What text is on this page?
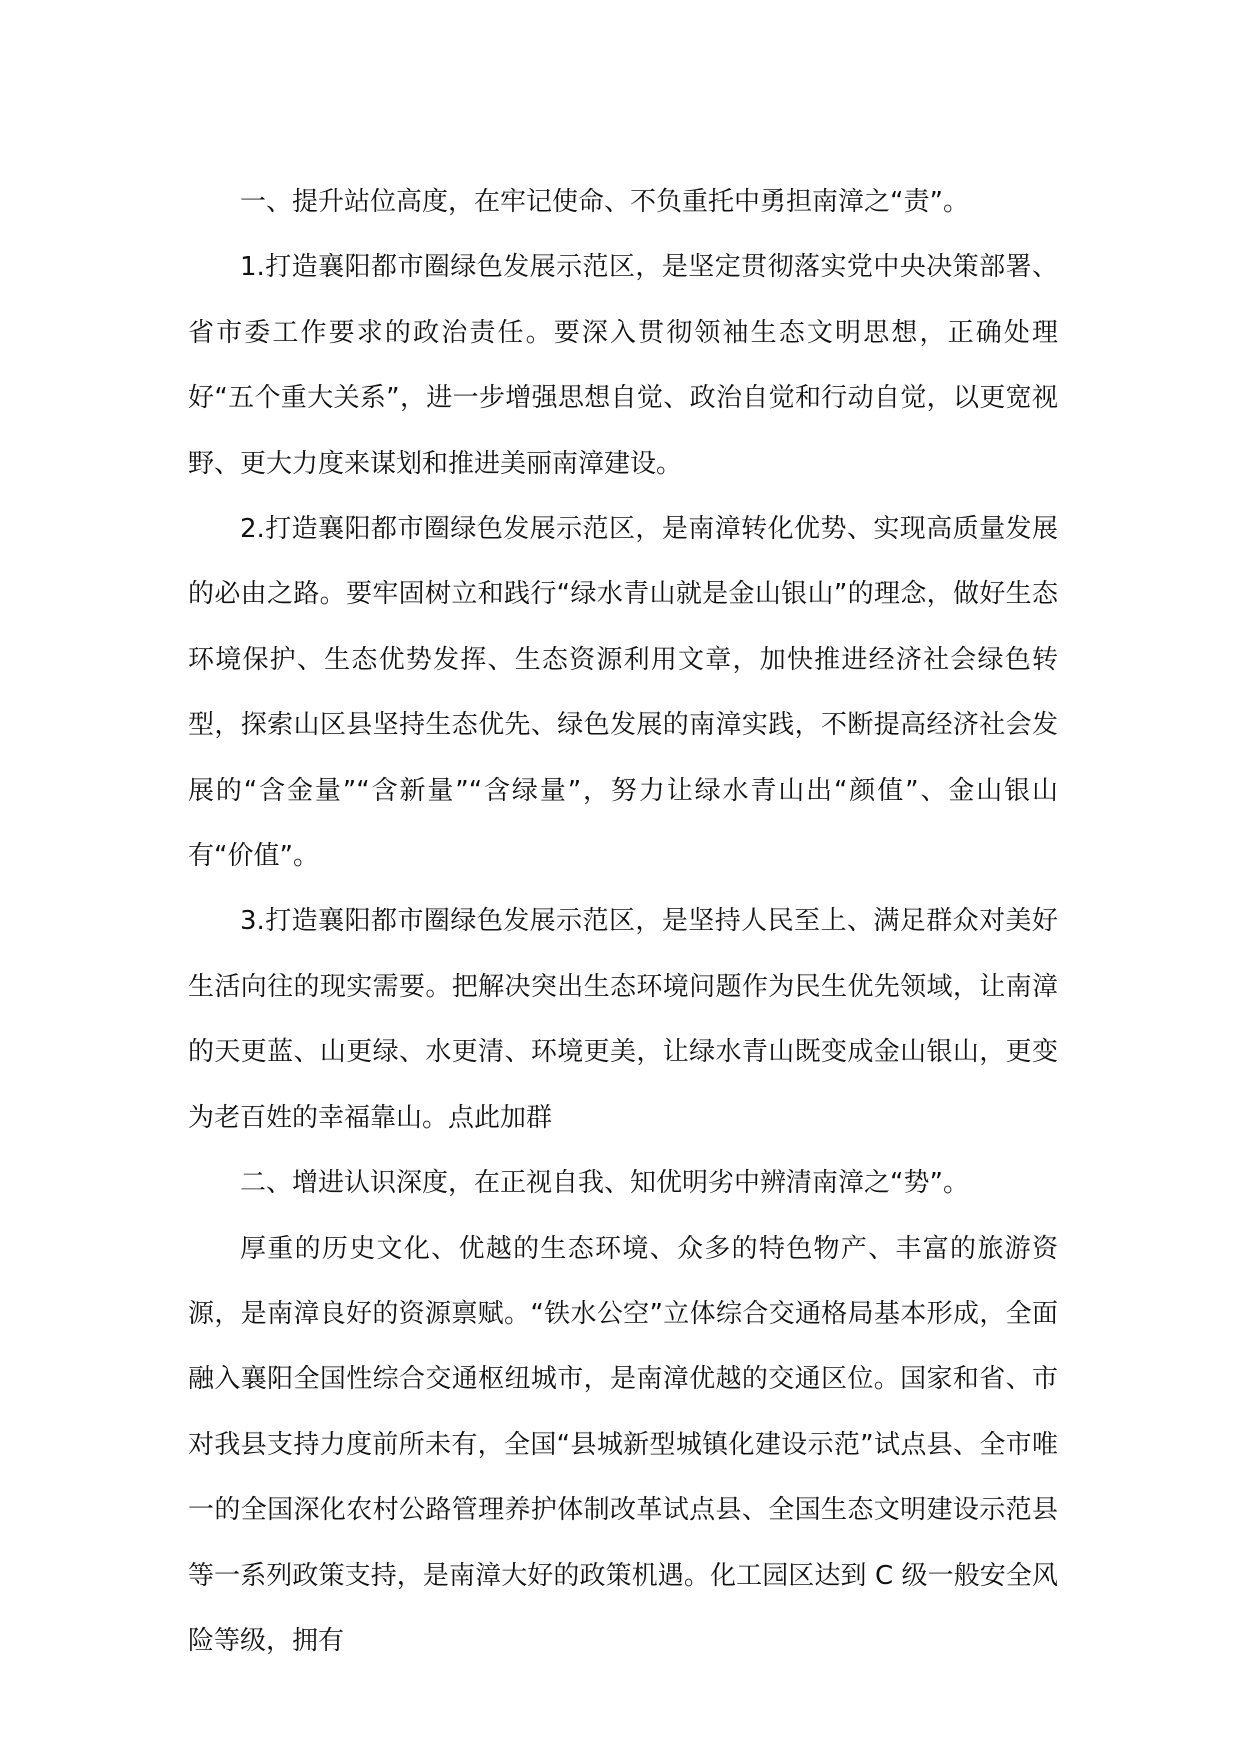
一、提升站位高度，在牢记使命、不负重托中勇担南漳之“责”。

1.打造襄阳都市圈绿色发展示范区，是坚定贯彻落实党中央决策部署、省市委工作要求的政治责任。要深入贯彻领袖生态文明思想，正确处理好“五个重大关系”，进一步增强思想自觉、政治自觉和行动自觉，以更宽视野、更大力度来谋划和推进美丽南漳建设。

2.打造襄阳都市圈绿色发展示范区，是南漳转化优势、实现高质量发展的必由之路。要牢固树立和践行“绿水青山就是金山银山”的理念，做好生态环境保护、生态优势发挥、生态资源利用文章，加快推进经济社会绿色转型，探索山区县坚持生态优先、绿色发展的南漳实践，不断提高经济社会发展的“含金量”“含新量”“含绿量”，努力让绿水青山出“颜值”、金山银山有“价值”。

3.打造襄阳都市圈绿色发展示范区，是坚持人民至上、满足群众对美好生活向往的现实需要。把解决突出生态环境问题作为民生优先领域，让南漳的天更蓝、山更绿、水更清、环境更美，让绿水青山既变成金山银山，更变为老百姓的幸福靠山。点此加群

二、增进认识深度，在正视自我、知优明劣中辨清南漳之“势”。

厚重的历史文化、优越的生态环境、众多的特色物产、丰富的旅游资源，是南漳良好的资源禀赋。“铁水公空”立体综合交通格局基本形成，全面融入襄阳全国性综合交通枢纽城市，是南漳优越的交通区位。国家和省、市对我县支持力度前所未有，全国“县城新型城镇化建设示范”试点县、全市唯一的全国深化农村公路管理养护体制改革试点县、全国生态文明建设示范县等一系列政策支持，是南漳大好的政策机遇。化工园区达到 C 级一般安全风险等级，拥有
